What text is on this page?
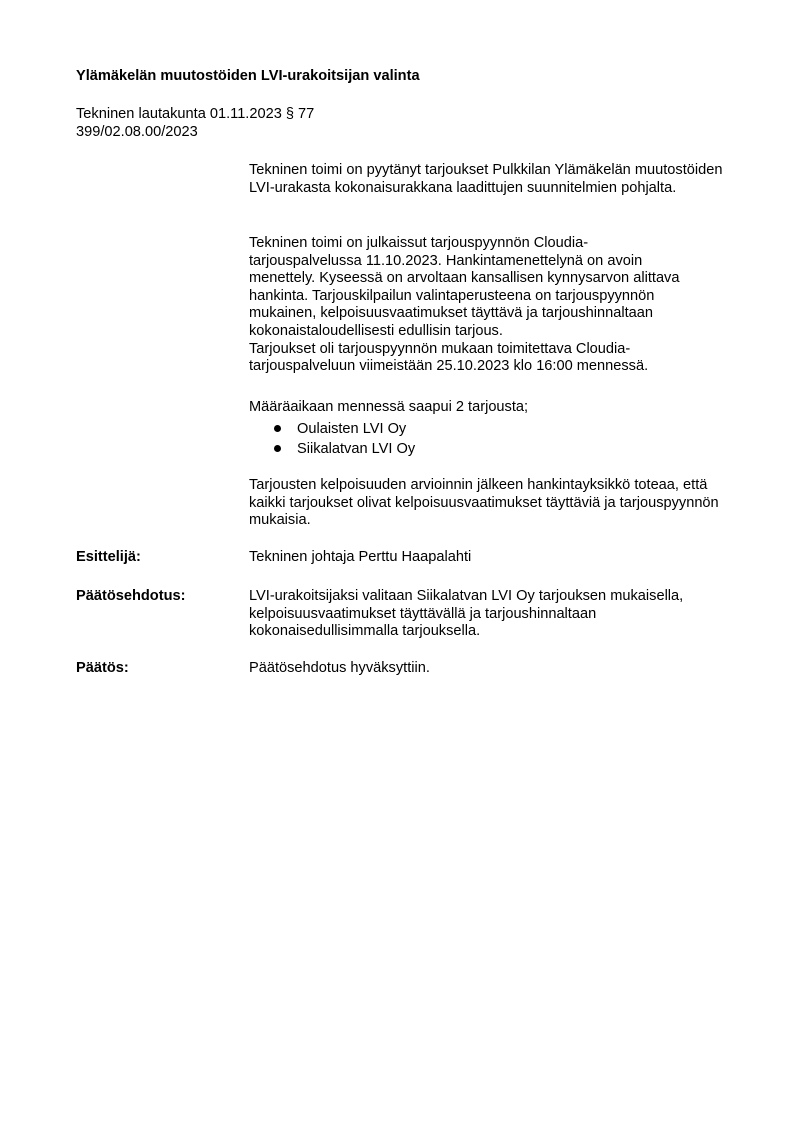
Ylämäkelän muutostöiden LVI-urakoitsijan valinta
Tekninen lautakunta 01.11.2023 § 77
399/02.08.00/2023

Tekninen toimi on pyytänyt tarjoukset Pulkkilan Ylämäkelän muutostöiden LVI-urakasta kokonaisurakkana laadittujen suunnitelmien pohjalta.

Tekninen toimi on julkaissut tarjouspyynnön Cloudia-
tarjouspalvelussa 11.10.2023. Hankintamenettelynä on avoin
menettely. Kyseessä on arvoltaan kansallisen kynnysarvon alittava
hankinta. Tarjouskilpailun valintaperusteena on tarjouspyynnön
mukainen, kelpoisuusvaatimukset täyttävä ja tarjoushinnaltaan
kokonaistaloudellisesti edullisin tarjous.
Tarjoukset oli tarjouspyynnön mukaan toimitettava Cloudia-
tarjouspalveluun viimeistään 25.10.2023 klo 16:00 mennessä.

Määräaikaan mennessä saapui 2 tarjousta;

Oulaisten LVI Oy
Siikalatvan LVI Oy

Tarjousten kelpoisuuden arvioinnin jälkeen hankintayksikkö toteaa, että kaikki tarjoukset olivat kelpoisuusvaatimukset täyttäviä ja tarjouspyynnön mukaisia.

Esittelijä:	Tekninen johtaja Perttu Haapalahti
Päätösehdotus:	LVI-urakoitsijaksi valitaan Siikalatvan LVI Oy tarjouksen mukaisella, kelpoisuusvaatimukset täyttävällä ja tarjoushinnaltaan kokonaisedullisimmalla tarjouksella.
Päätös:	Päätösehdotus hyväksyttiin.
